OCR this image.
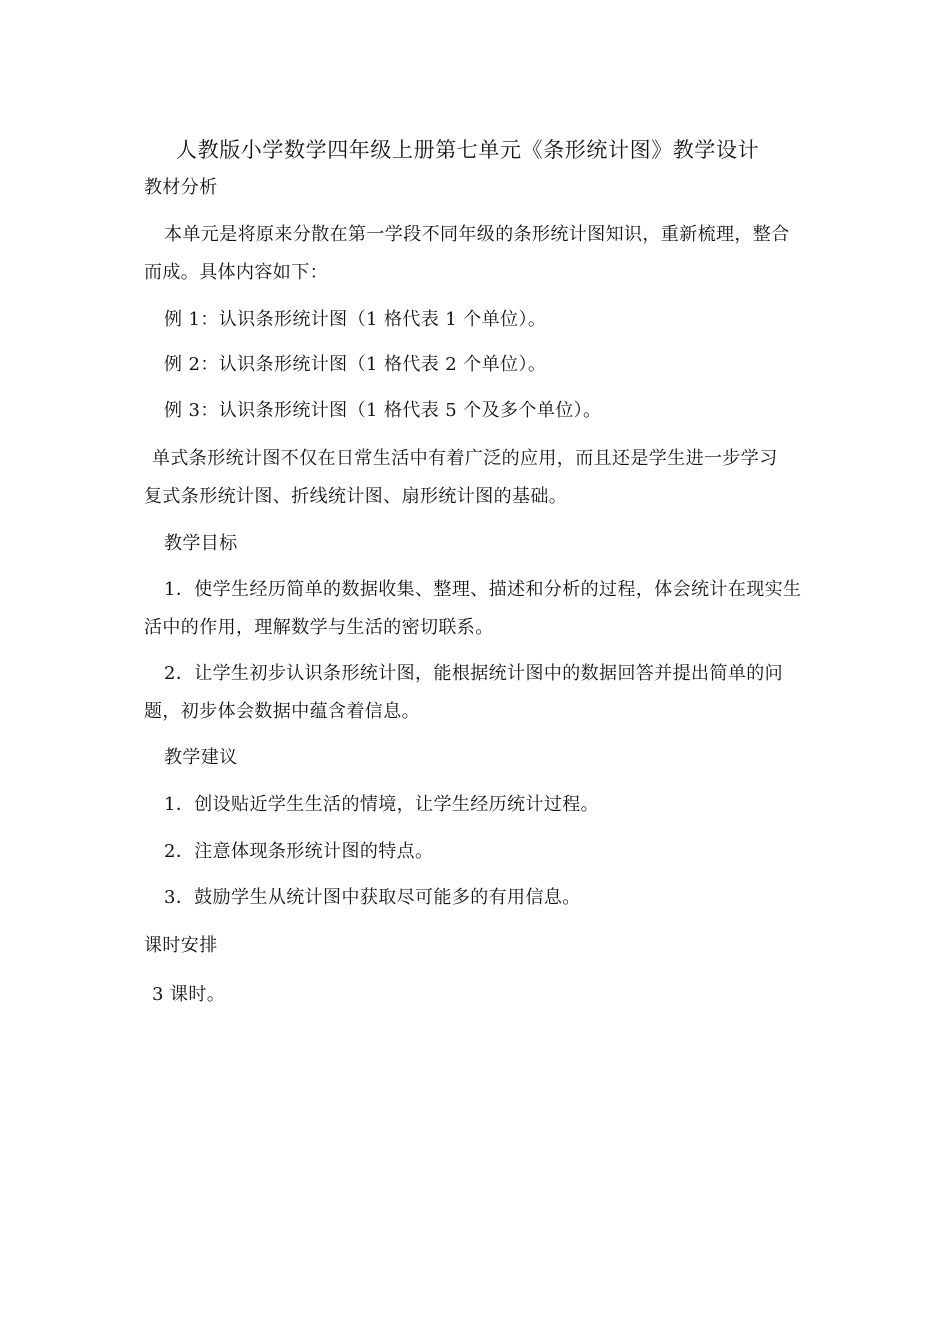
人教版小学数学四年级上册第七单元《条形统计图》教学设计
教材分析
本单元是将原来分散在第一学段不同年级的条形统计图知识，重新梳理，整合
而成。具体内容如下：
例 1：认识条形统计图（1 格代表 1 个单位）。
例 2：认识条形统计图（1 格代表 2 个单位）。
例 3：认识条形统计图（1 格代表 5 个及多个单位）。
单式条形统计图不仅在日常生活中有着广泛的应用，而且还是学生进一步学习
复式条形统计图、折线统计图、扇形统计图的基础。
教学目标
1．使学生经历简单的数据收集、整理、描述和分析的过程，体会统计在现实生
活中的作用，理解数学与生活的密切联系。
2．让学生初步认识条形统计图，能根据统计图中的数据回答并提出简单的问
题，初步体会数据中蕴含着信息。
教学建议
1．创设贴近学生生活的情境，让学生经历统计过程。
2．注意体现条形统计图的特点。
3．鼓励学生从统计图中获取尽可能多的有用信息。
课时安排
3 课时。
